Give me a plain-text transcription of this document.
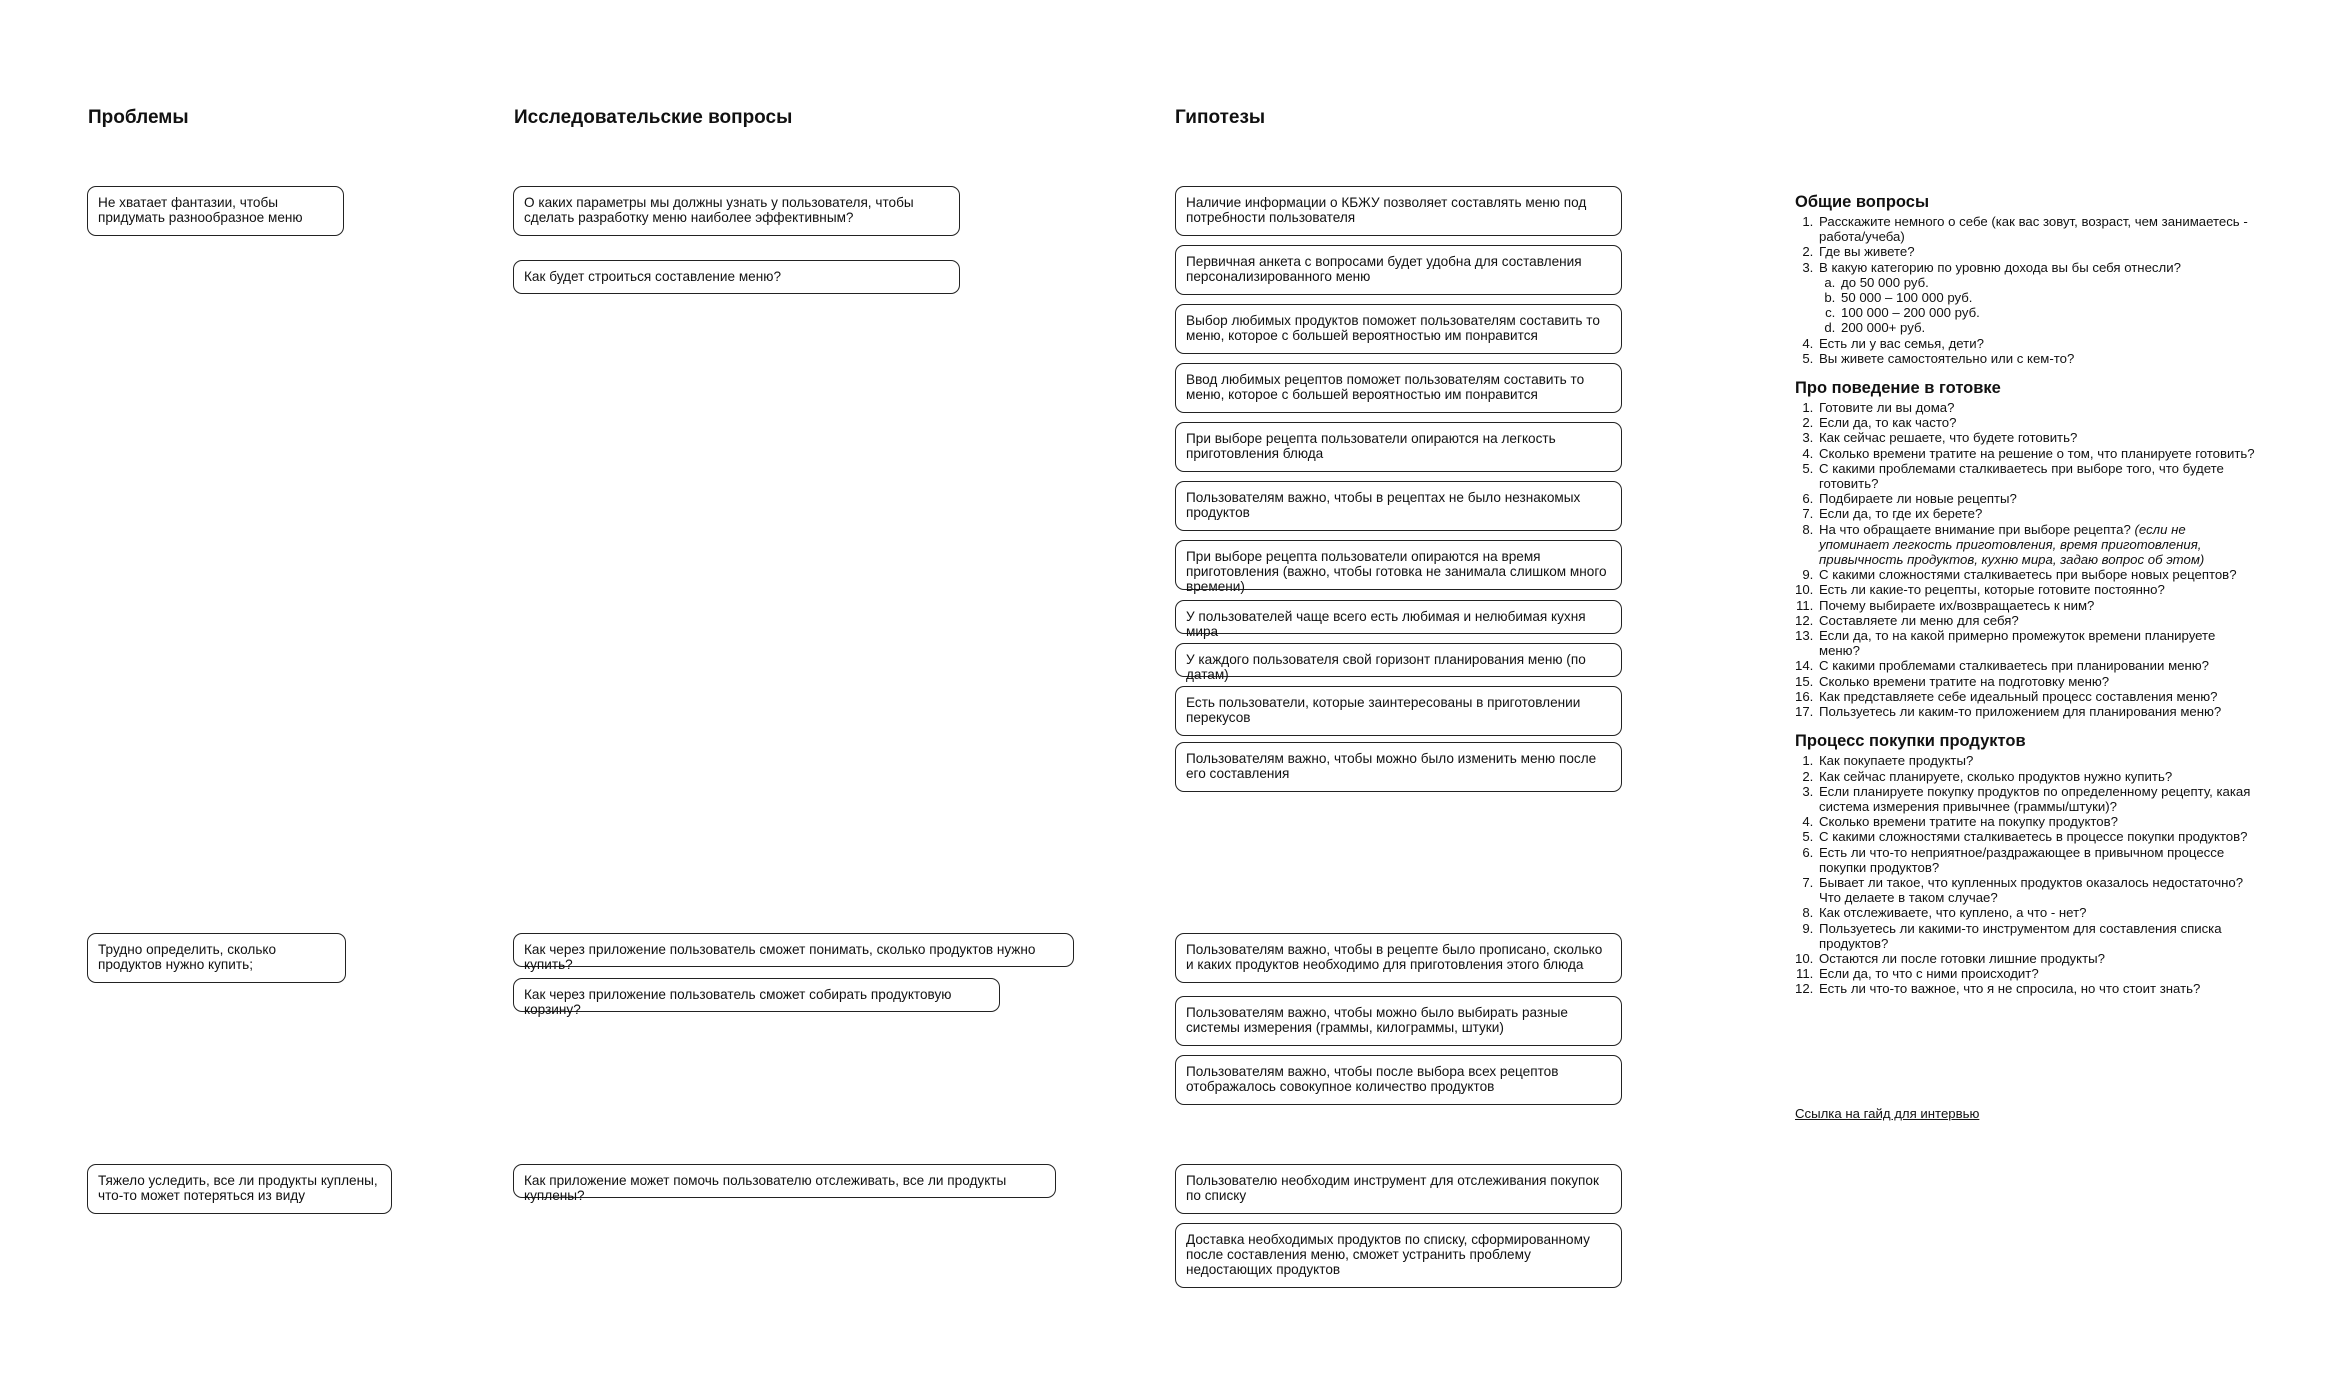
Проблемы	Исследовательские вопросы	Гипотезы
Не хватает фантазии, чтобы придумать разнообразное меню
Трудно определить, сколько продуктов нужно купить;
Тяжело уследить, все ли продукты куплены, что-то может потеряться из виду
О каких параметры мы должны узнать у пользователя, чтобы сделать разработку меню наиболее эффективным?
Как будет строиться составление меню?
Как через приложение пользователь сможет понимать, сколько продуктов нужно купить?
Как через приложение пользователь сможет собирать продуктовую корзину?
Как приложение может помочь пользователю отслеживать, все ли продукты куплены?
Наличие информации о КБЖУ позволяет составлять меню под потребности пользователя
Первичная анкета с вопросами будет удобна для составления персонализированного меню
Выбор любимых продуктов поможет пользователям составить то меню, которое с большей вероятностью им понравится
Ввод любимых рецептов поможет пользователям составить то меню, которое с большей вероятностью им понравится
При выборе рецепта пользователи опираются на легкость приготовления блюда
Пользователям важно, чтобы в рецептах не было незнакомых продуктов
При выборе рецепта пользователи опираются на время приготовления (важно, чтобы готовка не занимала слишком много времени)
У пользователей чаще всего есть любимая и нелюбимая кухня мира
У каждого пользователя свой горизонт планирования меню (по датам)
Есть пользователи, которые заинтересованы в приготовлении перекусов
Пользователям важно, чтобы можно было изменить меню после его составления
Пользователям важно, чтобы в рецепте было прописано, сколько и каких продуктов необходимо для приготовления этого блюда
Пользователям важно, чтобы можно было выбирать разные системы измерения (граммы, килограммы, штуки)
Пользователям важно, чтобы после выбора всех рецептов отображалось совокупное количество продуктов
Пользователю необходим инструмент для отслеживания покупок по списку
Доставка необходимых продуктов по списку, сформированному после составления меню, сможет устранить проблему недостающих продуктов
Общие вопросы
1. Расскажите немного о себе (как вас зовут, возраст, чем занимаетесь - работа/учеба)
2. Где вы живете?
3. В какую категорию по уровню дохода вы бы себя отнесли?
a. до 50 000 руб.
b. 50 000 – 100 000 руб.
c. 100 000 – 200 000 руб.
d. 200 000+ руб.
4. Есть ли у вас семья, дети?
5. Вы живете самостоятельно или с кем-то?
Про поведение в готовке
1. Готовите ли вы дома?
2. Если да, то как часто?
3. Как сейчас решаете, что будете готовить?
4. Сколько времени тратите на решение о том, что планируете готовить?
5. С какими проблемами сталкиваетесь при выборе того, что будете готовить?
6. Подбираете ли новые рецепты?
7. Если да, то где их берете?
8. На что обращаете внимание при выборе рецепта? (если не упоминает легкость приготовления, время приготовления, привычность продуктов, кухню мира, задаю вопрос об этом)
9. С какими сложностями сталкиваетесь при выборе новых рецептов?
10. Есть ли какие-то рецепты, которые готовите постоянно?
11. Почему выбираете их/возвращаетесь к ним?
12. Составляете ли меню для себя?
13. Если да, то на какой примерно промежуток времени планируете меню?
14. С какими проблемами сталкиваетесь при планировании меню?
15. Сколько времени тратите на подготовку меню?
16. Как представляете себе идеальный процесс составления меню?
17. Пользуетесь ли каким-то приложением для планирования меню?
Процесс покупки продуктов
1. Как покупаете продукты?
2. Как сейчас планируете, сколько продуктов нужно купить?
3. Если планируете покупку продуктов по определенному рецепту, какая система измерения привычнее (граммы/штуки)?
4. Сколько времени тратите на покупку продуктов?
5. С какими сложностями сталкиваетесь в процессе покупки продуктов?
6. Есть ли что-то неприятное/раздражающее в привычном процессе покупки продуктов?
7. Бывает ли такое, что купленных продуктов оказалось недостаточно? Что делаете в таком случае?
8. Как отслеживаете, что куплено, а что - нет?
9. Пользуетесь ли какими-то инструментом для составления списка продуктов?
10. Остаются ли после готовки лишние продукты?
11. Если да, то что с ними происходит?
12. Есть ли что-то важное, что я не спросила, но что стоит знать?
Ссылка на гайд для интервью
